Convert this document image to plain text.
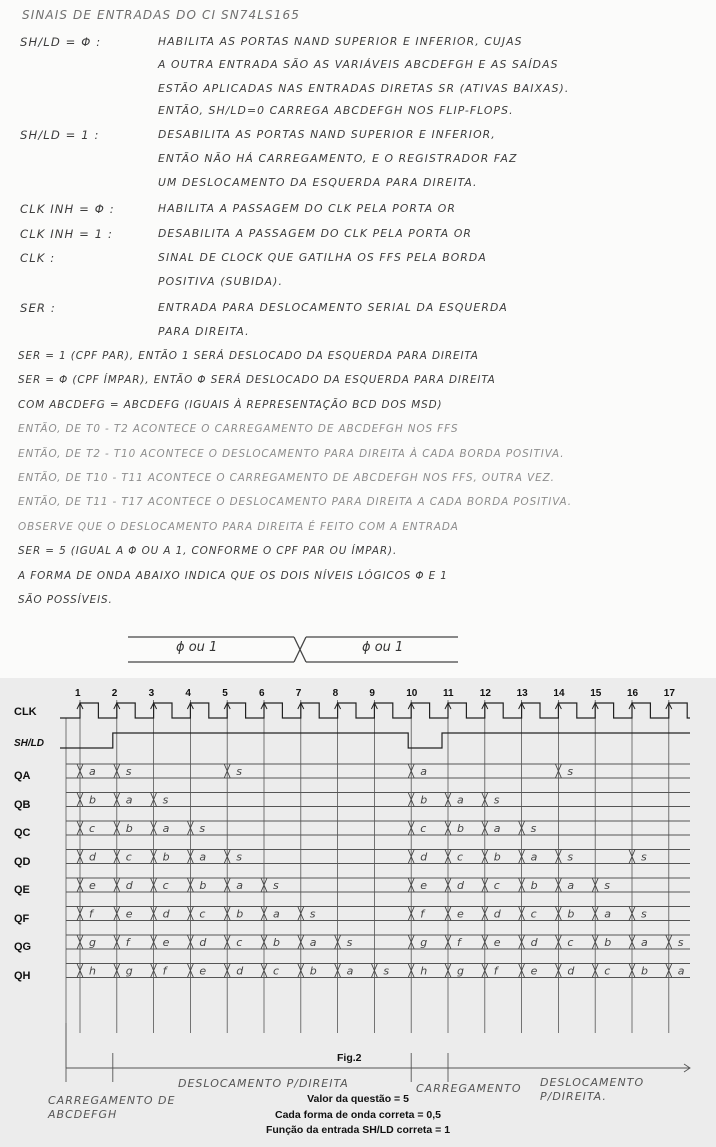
SINAIS DE ENTRADAS DO CI SN74LS165
SH/LD = Φ :	HABILITA AS PORTAS NAND SUPERIOR E INFERIOR, CUJAS
A OUTRA ENTRADA SÃO AS VARIÁVEIS ABCDEFGH E AS SAÍDAS
ESTÃO APLICADAS NAS ENTRADAS DIRETAS SR (ATIVAS BAIXAS).
ENTÃO, SH/LD=0 CARREGA ABCDEFGH NOS FLIP-FLOPS.
SH/LD = 1 :	DESABILITA AS PORTAS NAND SUPERIOR E INFERIOR,
ENTÃO NÃO HÁ CARREGAMENTO, E O REGISTRADOR FAZ
UM DESLOCAMENTO DA ESQUERDA PARA DIREITA.
CLK INH = Φ :	HABILITA A PASSAGEM DO CLK PELA PORTA OR
CLK INH = 1 :	DESABILITA A PASSAGEM DO CLK PELA PORTA OR
CLK :	SINAL DE CLOCK QUE GATILHA OS FFS PELA BORDA
POSITIVA (SUBIDA).
SER :	ENTRADA PARA DESLOCAMENTO SERIAL DA ESQUERDA
PARA DIREITA.
SER = 1 (CPF PAR), ENTÃO 1 SERÁ DESLOCADO DA ESQUERDA PARA DIREITA
SER = Φ (CPF ÍMPAR), ENTÃO Φ SERÁ DESLOCADO DA ESQUERDA PARA DIREITA
COM ABCDEFG = ABCDEFG (IGUAIS À REPRESENTAÇÃO BCD DOS MSD)
ENTÃO, DE T0 - T2 ACONTECE O CARREGAMENTO DE ABCDEFGH NOS FFS
ENTÃO, DE T2 - T10 ACONTECE O DESLOCAMENTO PARA DIREITA À CADA BORDA POSITIVA.
ENTÃO, DE T10 - T11 ACONTECE O CARREGAMENTO DE ABCDEFGH NOS FFS, OUTRA VEZ.
ENTÃO, DE T11 - T17 ACONTECE O DESLOCAMENTO PARA DIREITA A CADA BORDA POSITIVA.
OBSERVE QUE O DESLOCAMENTO PARA DIREITA É FEITO COM A ENTRADA
SER = 5 (IGUAL A Φ OU A 1, CONFORME O CPF PAR OU ÍMPAR).
A FORMA DE ONDA ABAIXO INDICA QUE OS DOIS NÍVEIS LÓGICOS Φ E 1
SÃO POSSÍVEIS.
ϕ ou 1	ϕ ou 1
a	s	s	a	s
b	a	s	b	a	s
c	b	a	s	c	b	a	s
d	c	b	a	s	d	c	b	a	s	s
e	d	c	b	a	s	e	d	c	b	a	s
f	e	d	c	b	a	s	f	e	d	c	b	a	s
g	f	e	d	c	b	a	s	g	f	e	d	c	b	a	s
h	g	f	e	d	c	b	a	s	h	g	f	e	d	c	b	a
CLK
SH/LD
QA
QB
QC
QD
QE
QF
QG
QH
1	2	3	4	5	6	7	8	9	10	11	12	13	14	15	16	17
Fig.2
CARREGAMENTO DE ABCDEFGH
DESLOCAMENTO P/DIREITA	CARREGAMENTO DESLOCAMENTO P/DIREITA.
Valor da questão = 5
Cada forma de onda correta = 0,5
Função da entrada SH/LD correta = 1
